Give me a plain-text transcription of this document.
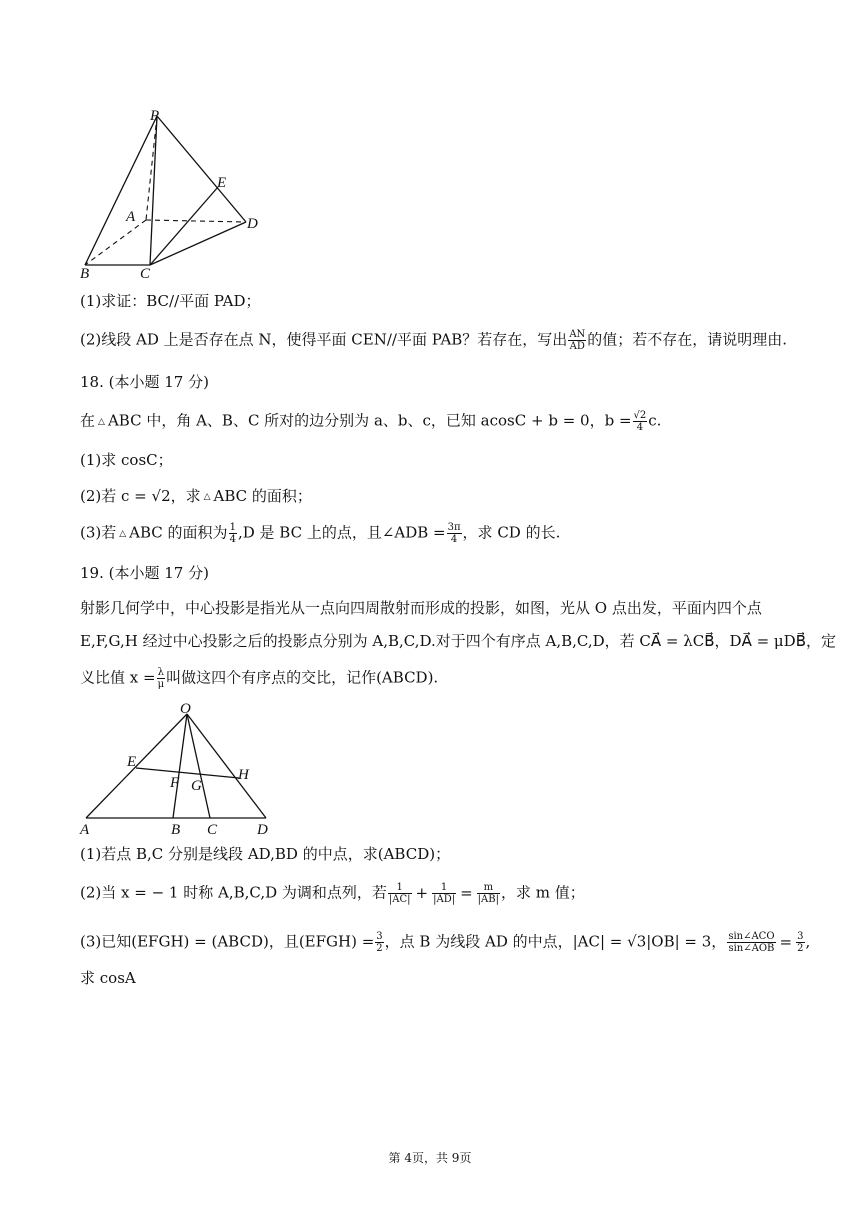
P
E
A	D
B	C
(1)求证：BC//平面 PAD；
(2)线段 AD 上是否存在点 N，使得平面 CEN//平面 PAB？若存在，写出 $\frac{AN}{AD}$ 的值；若不存在，请说明理由.
18. (本小题 17 分)
在 △ ABC 中，角 A、B、C 所对的边分别为 a、b、c，已知 acosC + b = 0，$b = \frac{√2}{4} c$.
(1)求 cosC；
(2)若 c = √2，求 △ ABC 的面积；
(3)若 △ ABC 的面积为 $\frac{1}{4} ,D$ 是 BC 上的点，且∠ADB = $\frac{3\pi}{4}$ ，求 CD 的长.
19. (本小题 17 分)
射影几何学中，中心投影是指光从一点向四周散射而形成的投影，如图，光从 O 点出发，平面内四个点
E,F,G,H 经过中心投影之后的投影点分别为 A,B,C,D.对于四个有序点 A,B,C,D，若 CA⃗ = λCB⃗，DA⃗ = μDB⃗，定
义比值 $x = \frac{\lambda}{\mu}$ 叫做这四个有序点的交比，记作(ABCD).
O
E
F G
H
A	B C	D
(1)若点 B,C 分别是线段 AD,BD 的中点，求(ABCD)；
(2)当 x = − 1 时称 A,B,C,D 为调和点列，若 $\frac{1}{|AC|} + \frac{1}{|AD|} = \frac{m}{|AB|}$ ，求 m 值；
(3)已知(EFGH) = (ABCD)，且(EFGH) = $\frac{3}{2}$ ，点 B 为线段 AD 的中点，|AC| = √3|OB| = 3， $\frac{\text{sin∠ACO}}{\text{sin∠AOB}} = \frac{3}{2}$ ,
求 cosA
第 4页，共 9页
